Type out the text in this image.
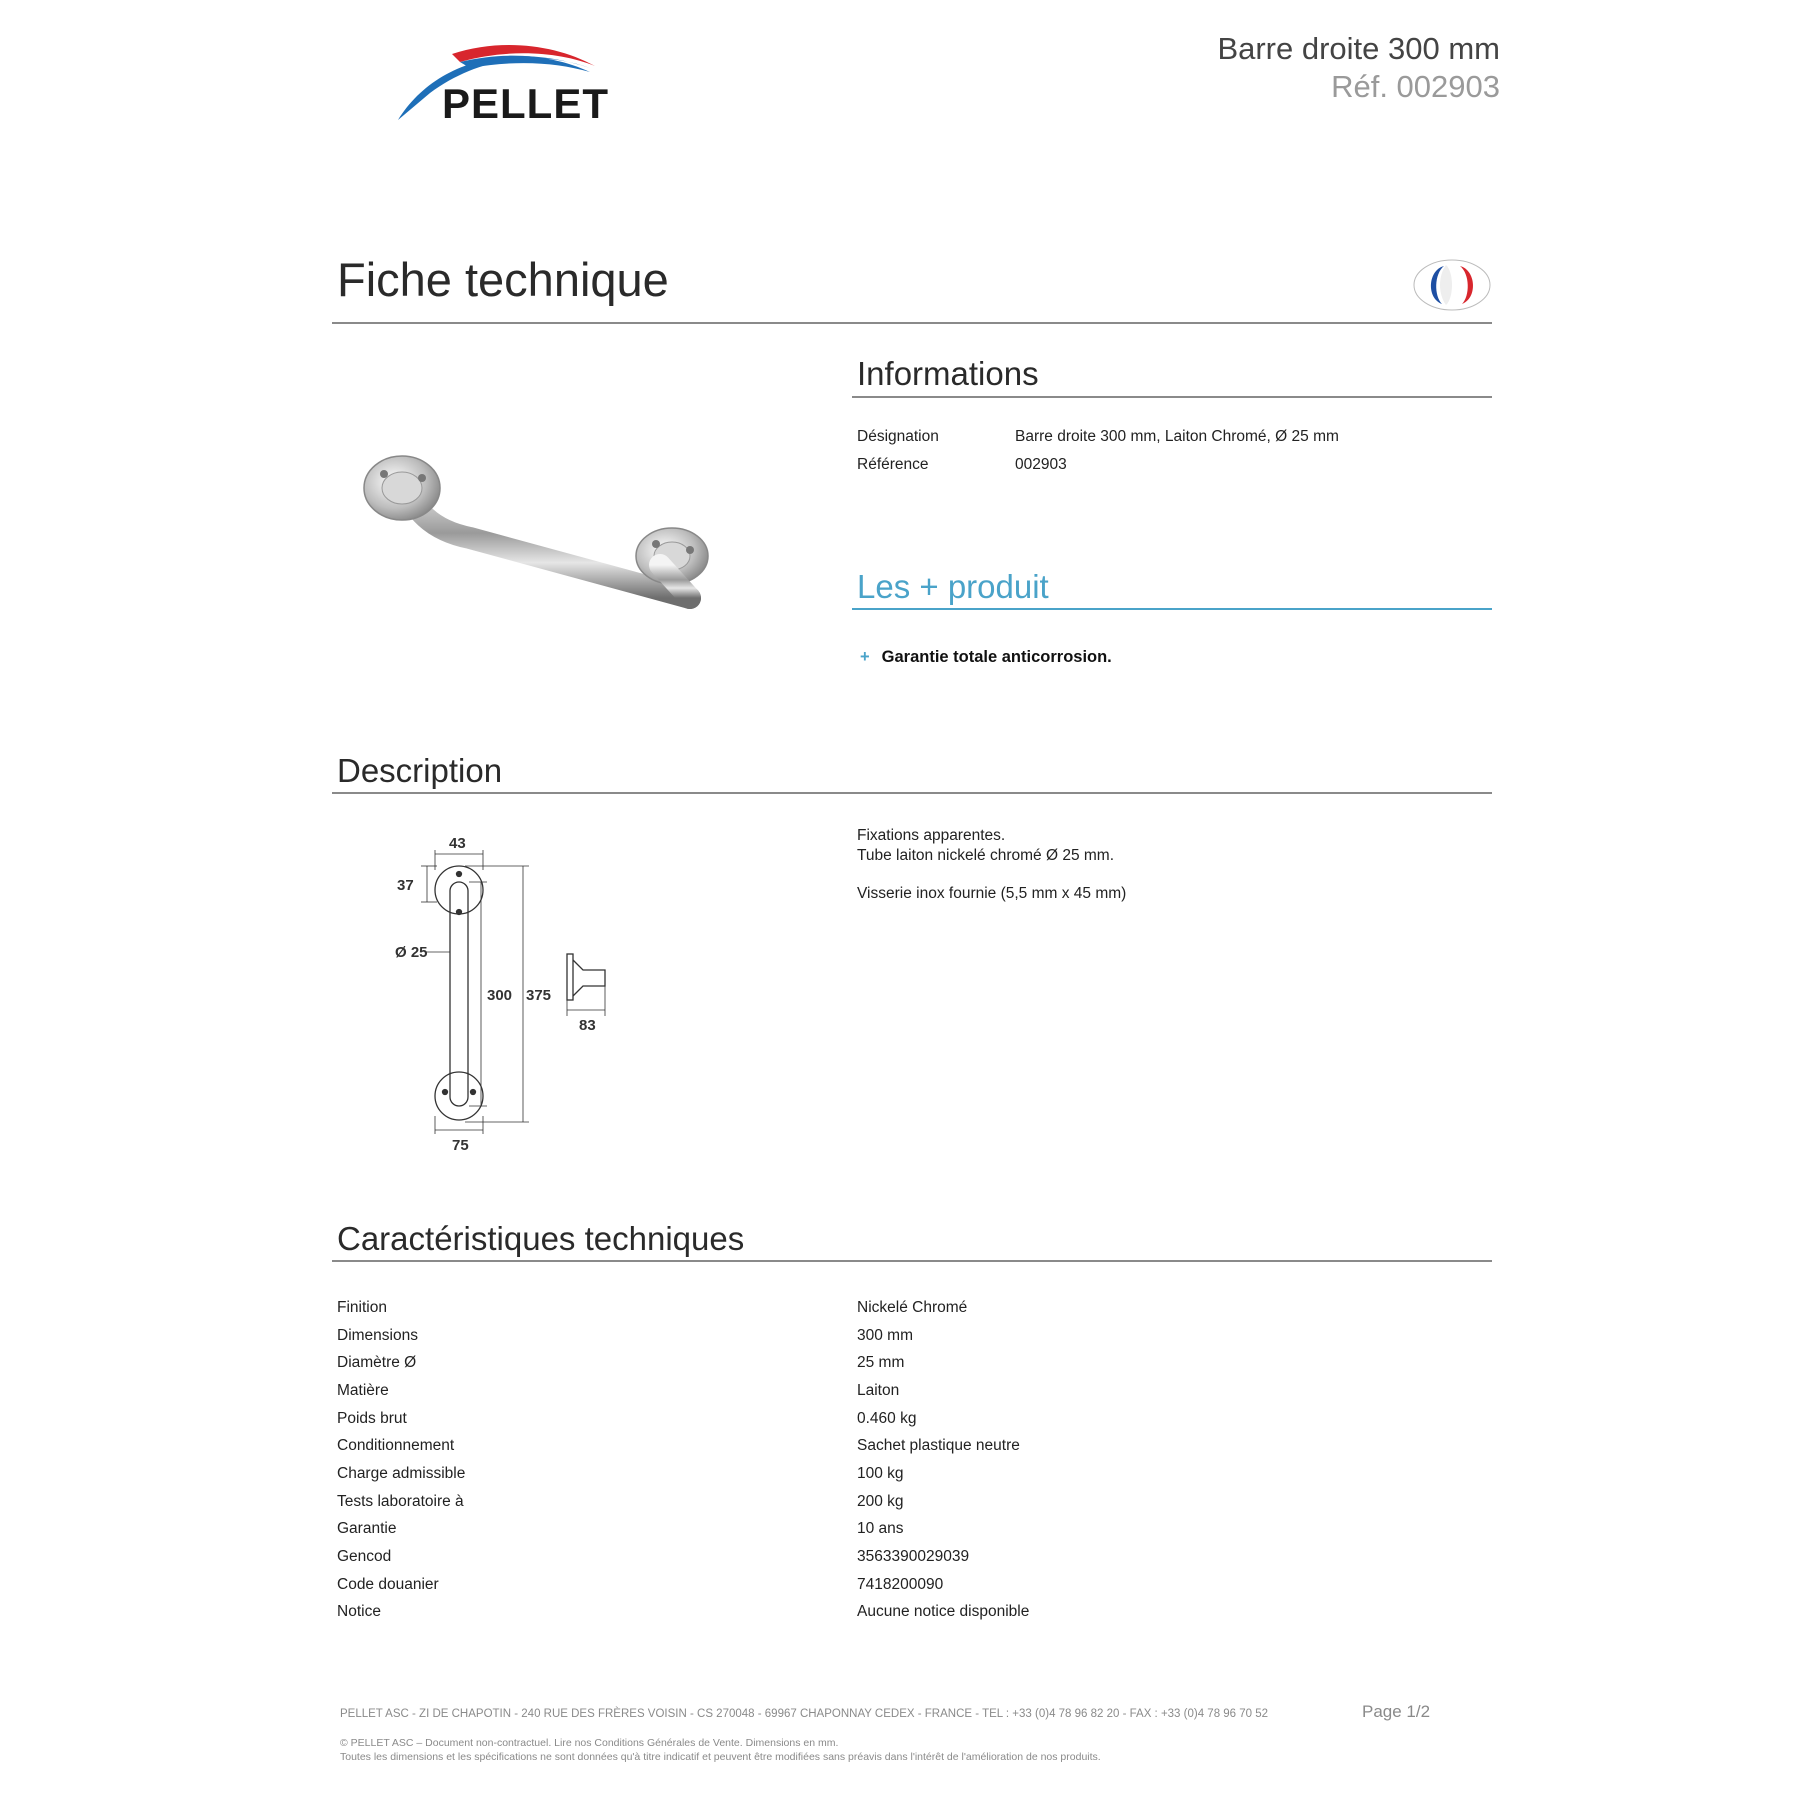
PELLET
Barre droite 300 mm
Réf. 002903
Fiche technique
Informations
Désignation	Barre droite 300 mm, Laiton Chromé, Ø 25 mm
Référence	002903
Les + produit
+ Garantie totale anticorrosion.
Description
43
37
Ø 25
300 375
83
75
Fixations apparentes.
Tube laiton nickelé chromé Ø 25 mm.
Visserie inox fournie (5,5 mm x 45 mm)
Caractéristiques techniques
Finition	Nickelé Chromé
Dimensions	300 mm
Diamètre Ø	25 mm
Matière	Laiton
Poids brut	0.460 kg
Conditionnement	Sachet plastique neutre
Charge admissible	100 kg
Tests laboratoire à	200 kg
Garantie	10 ans
Gencod	3563390029039
Code douanier	7418200090
Notice	Aucune notice disponible
PELLET ASC - ZI DE CHAPOTIN - 240 RUE DES FRÈRES VOISIN - CS 270048 - 69967 CHAPONNAY CEDEX - FRANCE - TEL : +33 (0)4 78 96 82 20 - FAX : +33 (0)4 78 96 70 52	Page 1/2
© PELLET ASC – Document non-contractuel. Lire nos Conditions Générales de Vente. Dimensions en mm.
Toutes les dimensions et les spécifications ne sont données qu'à titre indicatif et peuvent être modifiées sans préavis dans l'intérêt de l'amélioration de nos produits.
